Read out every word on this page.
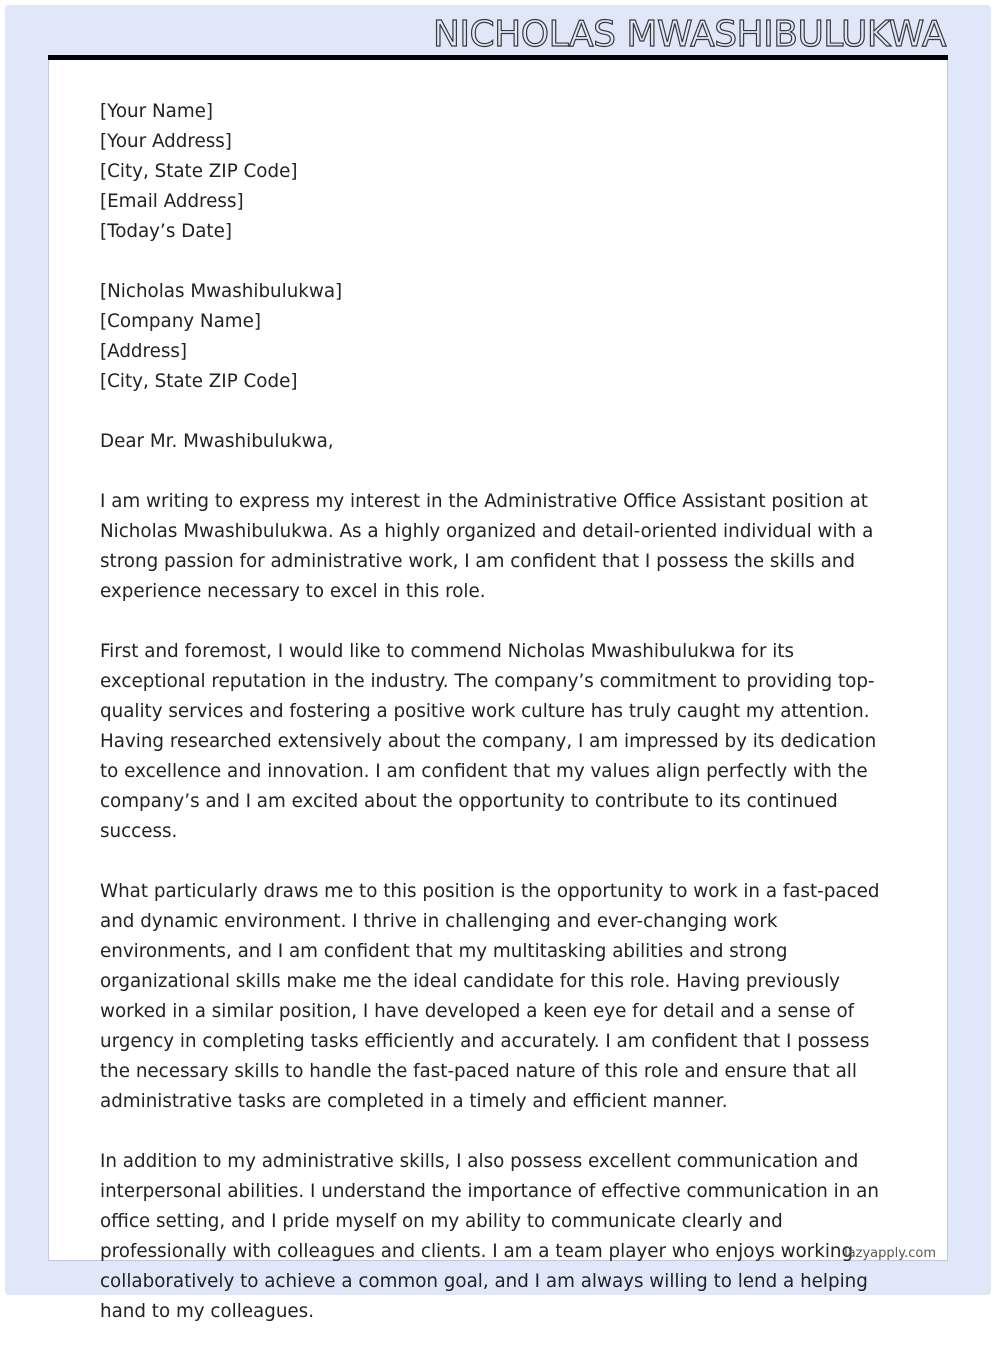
NICHOLAS MWASHIBULUKWA
[Your Name]
[Your Address]
[City, State ZIP Code]
[Email Address]
[Today’s Date]
[Nicholas Mwashibulukwa]
[Company Name]
[Address]
[City, State ZIP Code]

Dear Mr. Mwashibulukwa,

I am writing to express my interest in the Administrative Office Assistant position at Nicholas Mwashibulukwa. As a highly organized and detail-oriented individual with a strong passion for administrative work, I am confident that I possess the skills and experience necessary to excel in this role.

First and foremost, I would like to commend Nicholas Mwashibulukwa for its exceptional reputation in the industry. The company’s commitment to providing top-quality services and fostering a positive work culture has truly caught my attention. Having researched extensively about the company, I am impressed by its dedication to excellence and innovation. I am confident that my values align perfectly with the company’s and I am excited about the opportunity to contribute to its continued success.

What particularly draws me to this position is the opportunity to work in a fast-paced and dynamic environment. I thrive in challenging and ever-changing work environments, and I am confident that my multitasking abilities and strong organizational skills make me the ideal candidate for this role. Having previously worked in a similar position, I have developed a keen eye for detail and a sense of urgency in completing tasks efficiently and accurately. I am confident that I possess the necessary skills to handle the fast-paced nature of this role and ensure that all administrative tasks are completed in a timely and efficient manner.

In addition to my administrative skills, I also possess excellent communication and interpersonal abilities. I understand the importance of effective communication in an office setting, and I pride myself on my ability to communicate clearly and professionally with colleagues and clients. I am a team player who enjoys working collaboratively to achieve a common goal, and I am always willing to lend a helping hand to my colleagues.

lazyapply.com
